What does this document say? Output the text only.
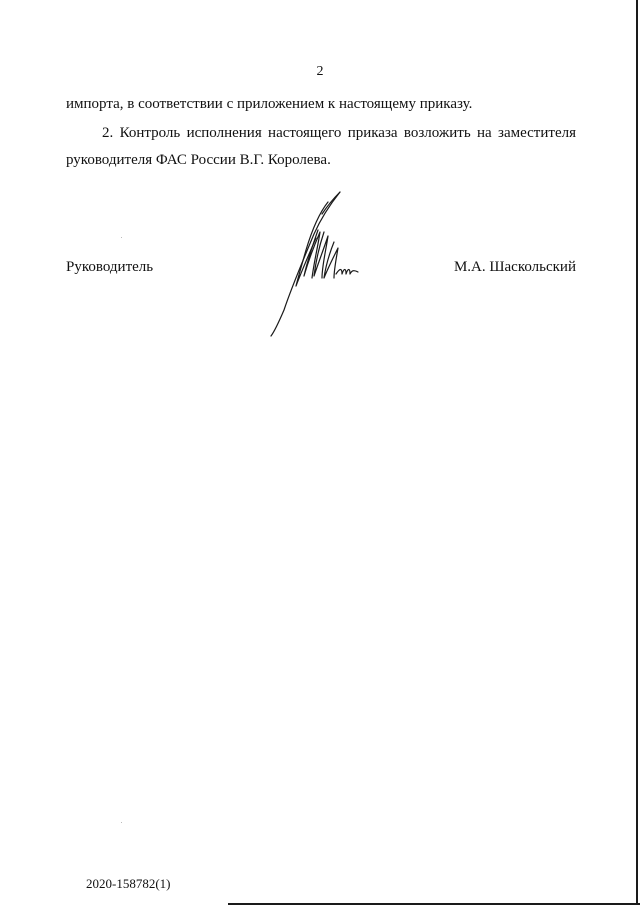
2
импорта, в соответствии с приложением к настоящему приказу.
2. Контроль исполнения настоящего приказа возложить на заместителя
руководителя ФАС России В.Г. Королева.
Руководитель	М.А. Шаскольский
2020-158782(1)
